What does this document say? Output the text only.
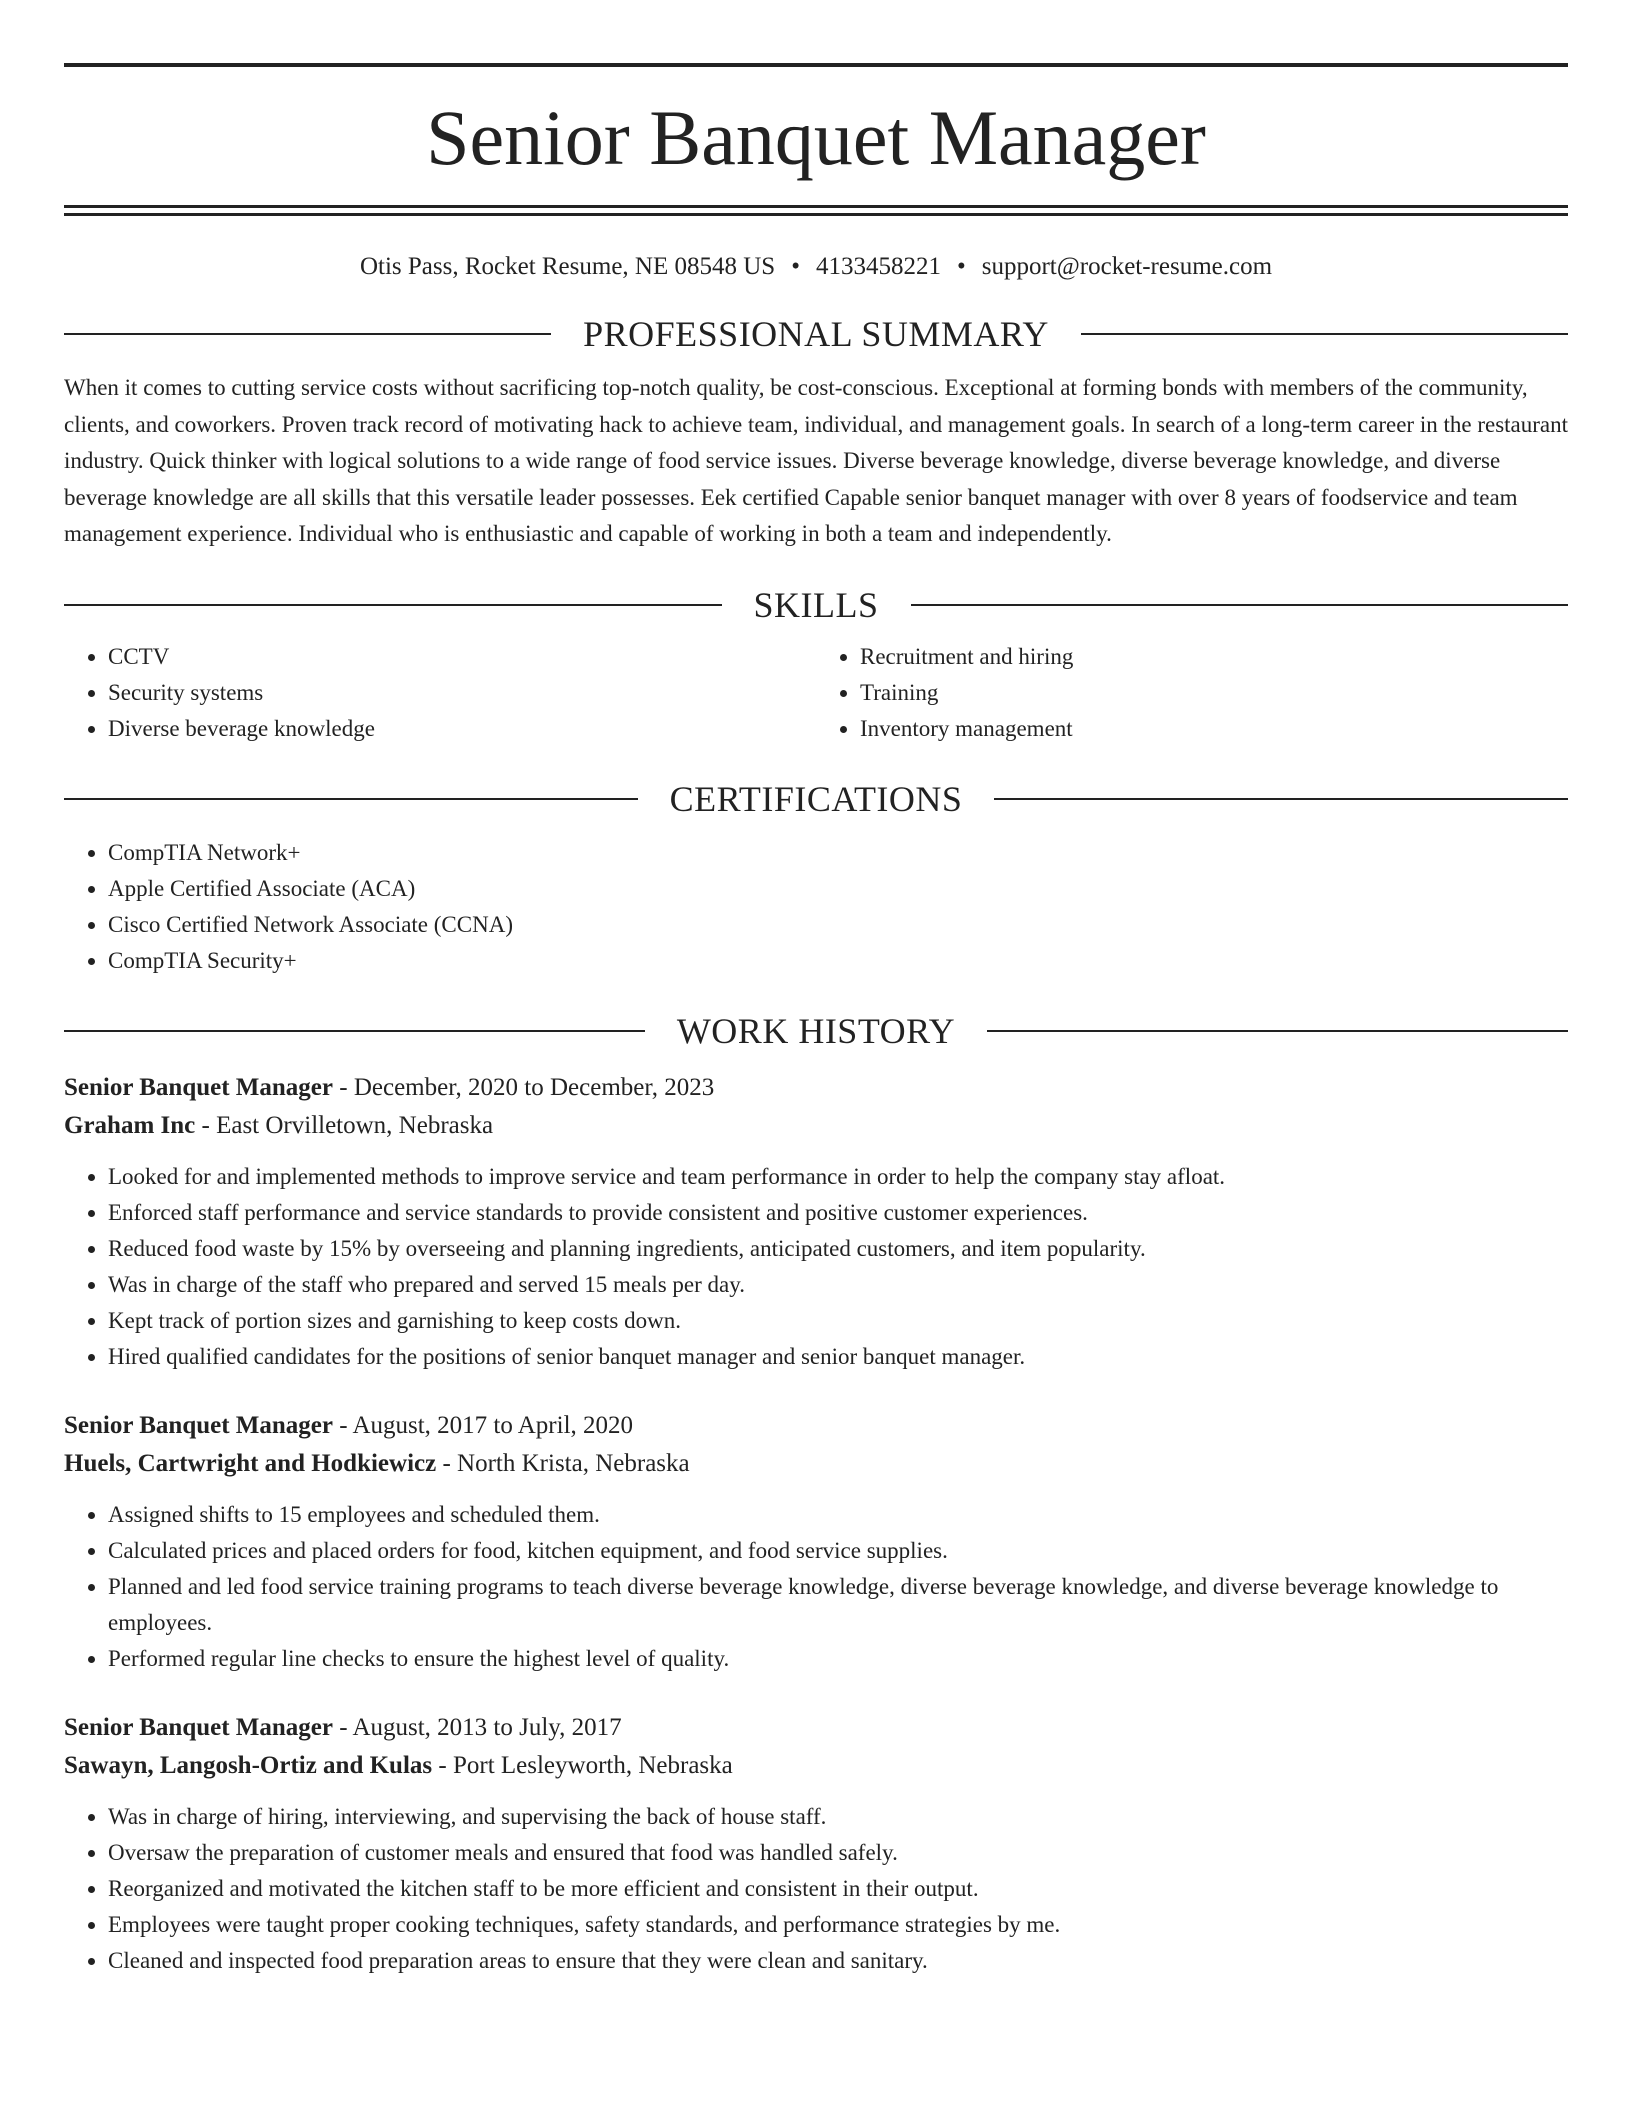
Senior Banquet Manager
Otis Pass, Rocket Resume, NE 08548 US • 4133458221 • support@rocket-resume.com
PROFESSIONAL SUMMARY
When it comes to cutting service costs without sacrificing top-notch quality, be cost-conscious. Exceptional at forming bonds with members of the community, clients, and coworkers. Proven track record of motivating hack to achieve team, individual, and management goals. In search of a long-term career in the restaurant industry. Quick thinker with logical solutions to a wide range of food service issues. Diverse beverage knowledge, diverse beverage knowledge, and diverse beverage knowledge are all skills that this versatile leader possesses. Eek certified Capable senior banquet manager with over 8 years of foodservice and team management experience. Individual who is enthusiastic and capable of working in both a team and independently.
SKILLS
• CCTV
• Security systems
• Diverse beverage knowledge
• Recruitment and hiring
• Training
• Inventory management
CERTIFICATIONS
• CompTIA Network+
• Apple Certified Associate (ACA)
• Cisco Certified Network Associate (CCNA)
• CompTIA Security+
WORK HISTORY
Senior Banquet Manager - December, 2020 to December, 2023
Graham Inc - East Orvilletown, Nebraska
• Looked for and implemented methods to improve service and team performance in order to help the company stay afloat.
• Enforced staff performance and service standards to provide consistent and positive customer experiences.
• Reduced food waste by 15% by overseeing and planning ingredients, anticipated customers, and item popularity.
• Was in charge of the staff who prepared and served 15 meals per day.
• Kept track of portion sizes and garnishing to keep costs down.
• Hired qualified candidates for the positions of senior banquet manager and senior banquet manager.
Senior Banquet Manager - August, 2017 to April, 2020
Huels, Cartwright and Hodkiewicz - North Krista, Nebraska
• Assigned shifts to 15 employees and scheduled them.
• Calculated prices and placed orders for food, kitchen equipment, and food service supplies.
• Planned and led food service training programs to teach diverse beverage knowledge, diverse beverage knowledge, and diverse beverage knowledge to employees.
• Performed regular line checks to ensure the highest level of quality.
Senior Banquet Manager - August, 2013 to July, 2017
Sawayn, Langosh-Ortiz and Kulas - Port Lesleyworth, Nebraska
• Was in charge of hiring, interviewing, and supervising the back of house staff.
• Oversaw the preparation of customer meals and ensured that food was handled safely.
• Reorganized and motivated the kitchen staff to be more efficient and consistent in their output.
• Employees were taught proper cooking techniques, safety standards, and performance strategies by me.
• Cleaned and inspected food preparation areas to ensure that they were clean and sanitary.
